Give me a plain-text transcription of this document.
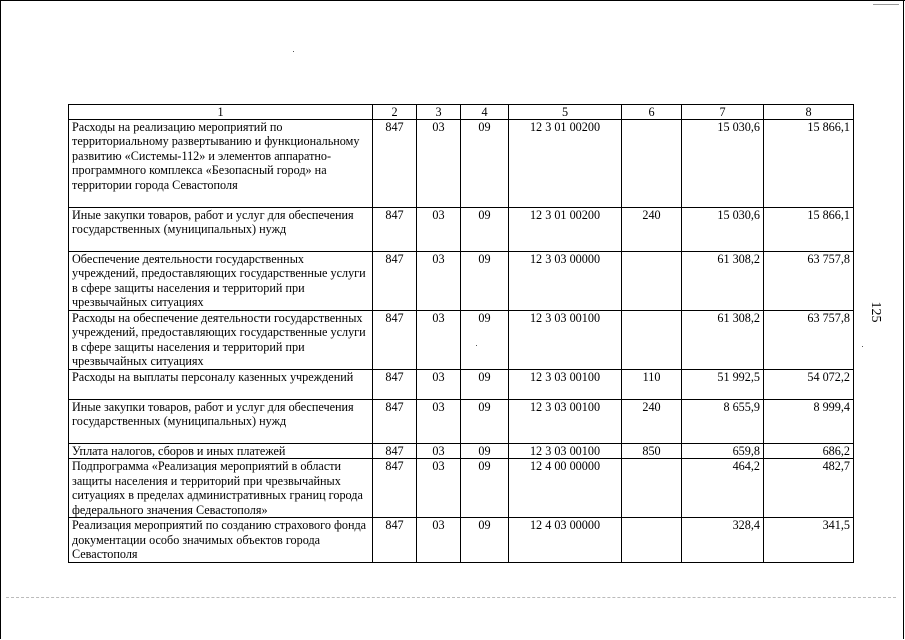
125
1	2	3	4	5	6	7	8
Расходы на реализацию мероприятий по территориальному развертыванию и функциональному развитию «Системы-112» и элементов аппаратно-программного комплекса «Безопасный город» на территории города Севастополя	847	03	09	12 3 01 00200		15 030,6	15 866,1
Иные закупки товаров, работ и услуг для обеспечения государственных (муниципальных) нужд	847	03	09	12 3 01 00200	240	15 030,6	15 866,1
Обеспечение деятельности государственных учреждений, предоставляющих государственные услуги в сфере защиты населения и территорий при чрезвычайных ситуациях	847	03	09	12 3 03 00000		61 308,2	63 757,8
Расходы на обеспечение деятельности государственных учреждений, предоставляющих государственные услуги в сфере защиты населения и территорий при чрезвычайных ситуациях	847	03	09	12 3 03 00100		61 308,2	63 757,8
Расходы на выплаты персоналу казенных учреждений	847	03	09	12 3 03 00100	110	51 992,5	54 072,2
Иные закупки товаров, работ и услуг для обеспечения государственных (муниципальных) нужд	847	03	09	12 3 03 00100	240	8 655,9	8 999,4
Уплата налогов, сборов и иных платежей	847	03	09	12 3 03 00100	850	659,8	686,2
Подпрограмма «Реализация мероприятий в области защиты населения и территорий при чрезвычайных ситуациях в пределах административных границ города федерального значения Севастополя»	847	03	09	12 4 00 00000		464,2	482,7
Реализация мероприятий по созданию страхового фонда документации особо значимых объектов города Севастополя	847	03	09	12 4 03 00000		328,4	341,5
